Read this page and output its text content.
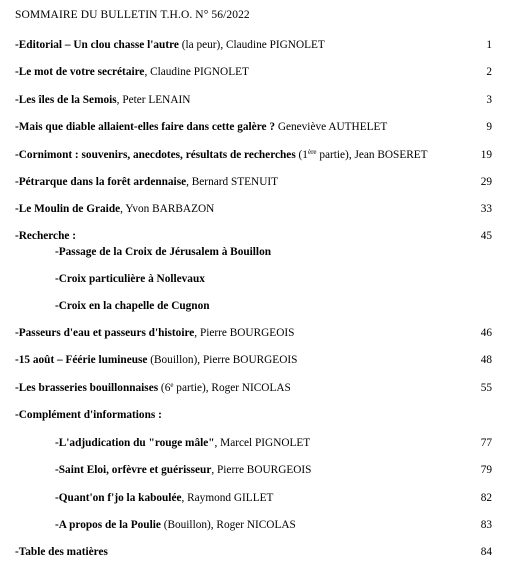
SOMMAIRE DU BULLETIN T.H.O. N° 56/2022
-Editorial – Un clou chasse l'autre (la peur), Claudine PIGNOLET	1
-Le mot de votre secrétaire, Claudine PIGNOLET	2
-Les îles de la Semois, Peter LENAIN	3
-Mais que diable allaient-elles faire dans cette galère ? Geneviève AUTHELET	9
-Cornimont : souvenirs, anecdotes, résultats de recherches (1ère partie), Jean BOSERET	19
-Pétrarque dans la forêt ardennaise, Bernard STENUIT	29
-Le Moulin de Graide, Yvon BARBAZON	33
-Recherche :	45
-Passage de la Croix de Jérusalem à Bouillon
-Croix particulière à Nollevaux
-Croix en la chapelle de Cugnon
-Passeurs d'eau et passeurs d'histoire, Pierre BOURGEOIS	46
-15 août – Féérie lumineuse (Bouillon), Pierre BOURGEOIS	48
-Les brasseries bouillonnaises (6e partie), Roger NICOLAS	55
-Complément d'informations :
-L'adjudication du "rouge mâle", Marcel PIGNOLET	77
-Saint Eloi, orfèvre et guérisseur, Pierre BOURGEOIS	79
-Quant'on f'jo la kaboulée, Raymond GILLET	82
-A propos de la Poulie (Bouillon), Roger NICOLAS	83
-Table des matières	84
